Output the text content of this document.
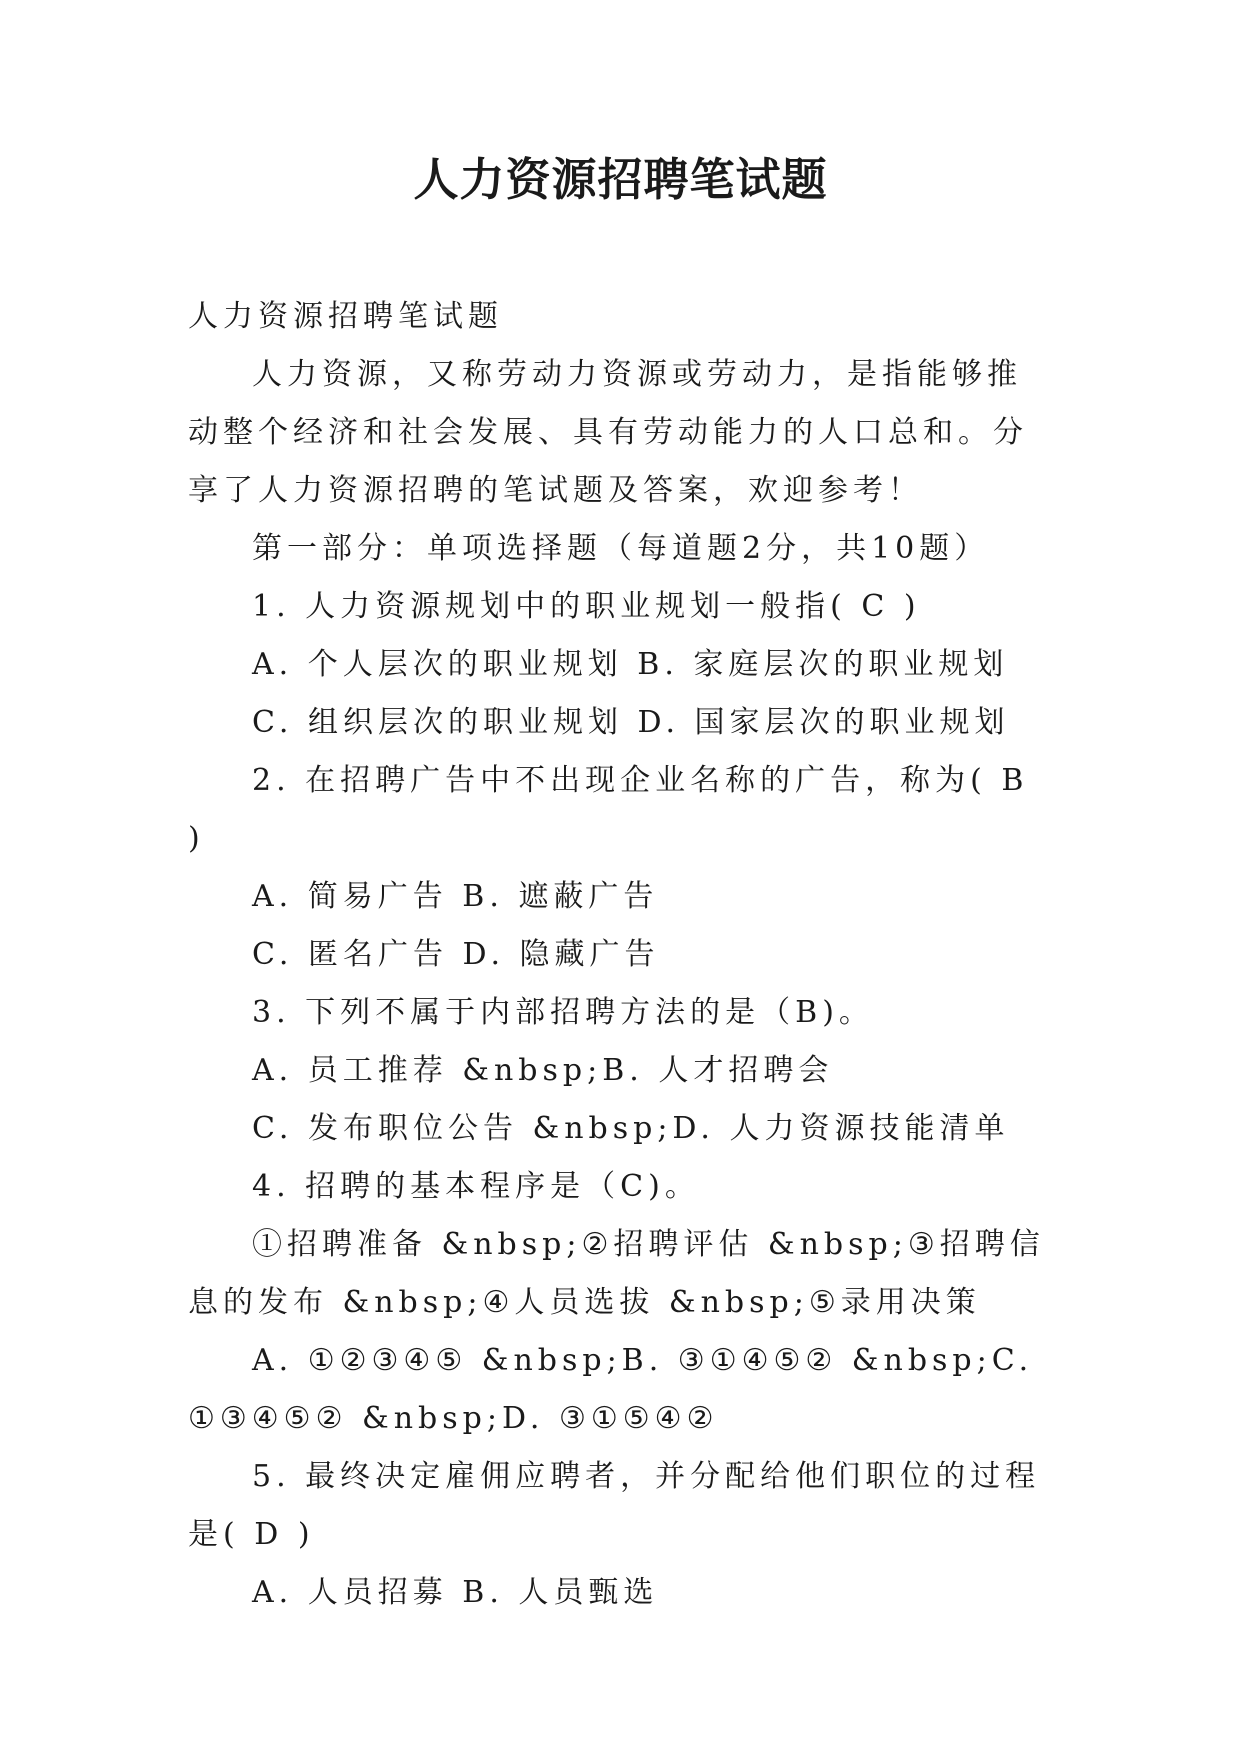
人力资源招聘笔试题

人力资源招聘笔试题

人力资源，又称劳动力资源或劳动力，是指能够推动整个经济和社会发展、具有劳动能力的人口总和。分享了人力资源招聘的笔试题及答案，欢迎参考！

第一部分：单项选择题（每道题2分，共10题）

1. 人力资源规划中的职业规划一般指( C )

A. 个人层次的职业规划 B. 家庭层次的职业规划

C. 组织层次的职业规划 D. 国家层次的职业规划

2. 在招聘广告中不出现企业名称的广告，称为( B )

A. 简易广告 B. 遮蔽广告

C. 匿名广告 D. 隐藏广告

3. 下列不属于内部招聘方法的是（B)。

A. 员工推荐 &nbsp;B. 人才招聘会

C. 发布职位公告 &nbsp;D. 人力资源技能清单

4. 招聘的基本程序是（C)。

①招聘准备 &nbsp;②招聘评估 &nbsp;③招聘信息的发布 &nbsp;④人员选拔 &nbsp;⑤录用决策

A. ①②③④⑤ &nbsp;B. ③①④⑤② &nbsp;C. ①③④⑤② &nbsp;D. ③①⑤④②

5. 最终决定雇佣应聘者，并分配给他们职位的过程是( D )

A. 人员招募 B. 人员甄选
